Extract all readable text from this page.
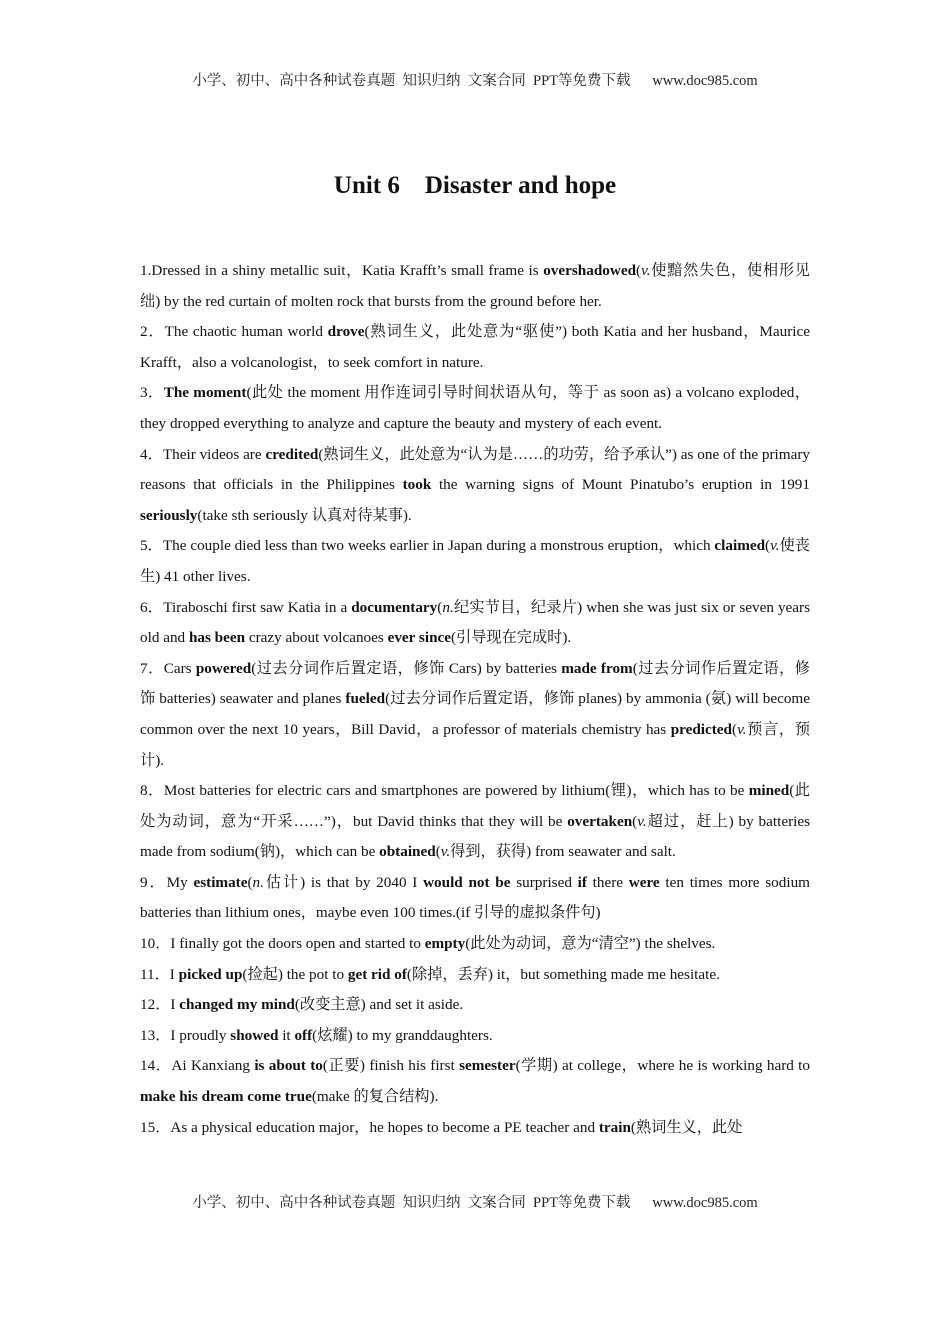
小学、初中、高中各种试卷真题  知识归纳  文案合同  PPT等免费下载      www.doc985.com
Unit 6    Disaster and hope

1.Dressed in a shiny metallic suit，Katia Krafft’s small frame is overshadowed(v.使黯然失色，使相形见绌) by the red curtain of molten rock that bursts from the ground before her.

2．The chaotic human world drove(熟词生义，此处意为“驱使”) both Katia and her husband，Maurice Krafft，also a volcanologist，to seek comfort in nature.

3．The moment(此处 the moment 用作连词引导时间状语从句，等于 as soon as) a volcano exploded，they dropped everything to analyze and capture the beauty and mystery of each event.

4．Their videos are credited(熟词生义，此处意为“认为是……的功劳，给予承认”) as one of the primary reasons that officials in the Philippines took the warning signs of Mount Pinatubo’s eruption in 1991 seriously(take sth seriously 认真对待某事).

5．The couple died less than two weeks earlier in Japan during a monstrous eruption，which claimed(v.使丧生) 41 other lives.

6．Tiraboschi first saw Katia in a documentary(n.纪实节目，纪录片) when she was just six or seven years old and has been crazy about volcanoes ever since(引导现在完成时).

7．Cars powered(过去分词作后置定语，修饰 Cars) by batteries made from(过去分词作后置定语，修饰 batteries) seawater and planes fueled(过去分词作后置定语，修饰 planes) by ammonia (氨) will become common over the next 10 years，Bill David，a professor of materials chemistry has predicted(v.预言，预计).

8．Most batteries for electric cars and smartphones are powered by lithium(锂)，which has to be mined(此处为动词，意为“开采……”)，but David thinks that they will be overtaken(v.超过，赶上) by batteries made from sodium(钠)，which can be obtained(v.得到，获得) from seawater and salt.

9．My estimate(n.估计) is that by 2040 I would not be surprised if there were ten times more sodium batteries than lithium ones，maybe even 100 times.(if 引导的虚拟条件句)

10．I finally got the doors open and started to empty(此处为动词，意为“清空”) the shelves.

11．I picked up(捡起) the pot to get rid of(除掉，丢弃) it，but something made me hesitate.

12．I changed my mind(改变主意) and set it aside.

13．I proudly showed it off(炫耀) to my granddaughters.

14．Ai Kanxiang is about to(正要) finish his first semester(学期) at college，where he is working hard to make his dream come true(make 的复合结构).

15．As a physical education major，he hopes to become a PE teacher and train(熟词生义，此处

小学、初中、高中各种试卷真题  知识归纳  文案合同  PPT等免费下载      www.doc985.com
